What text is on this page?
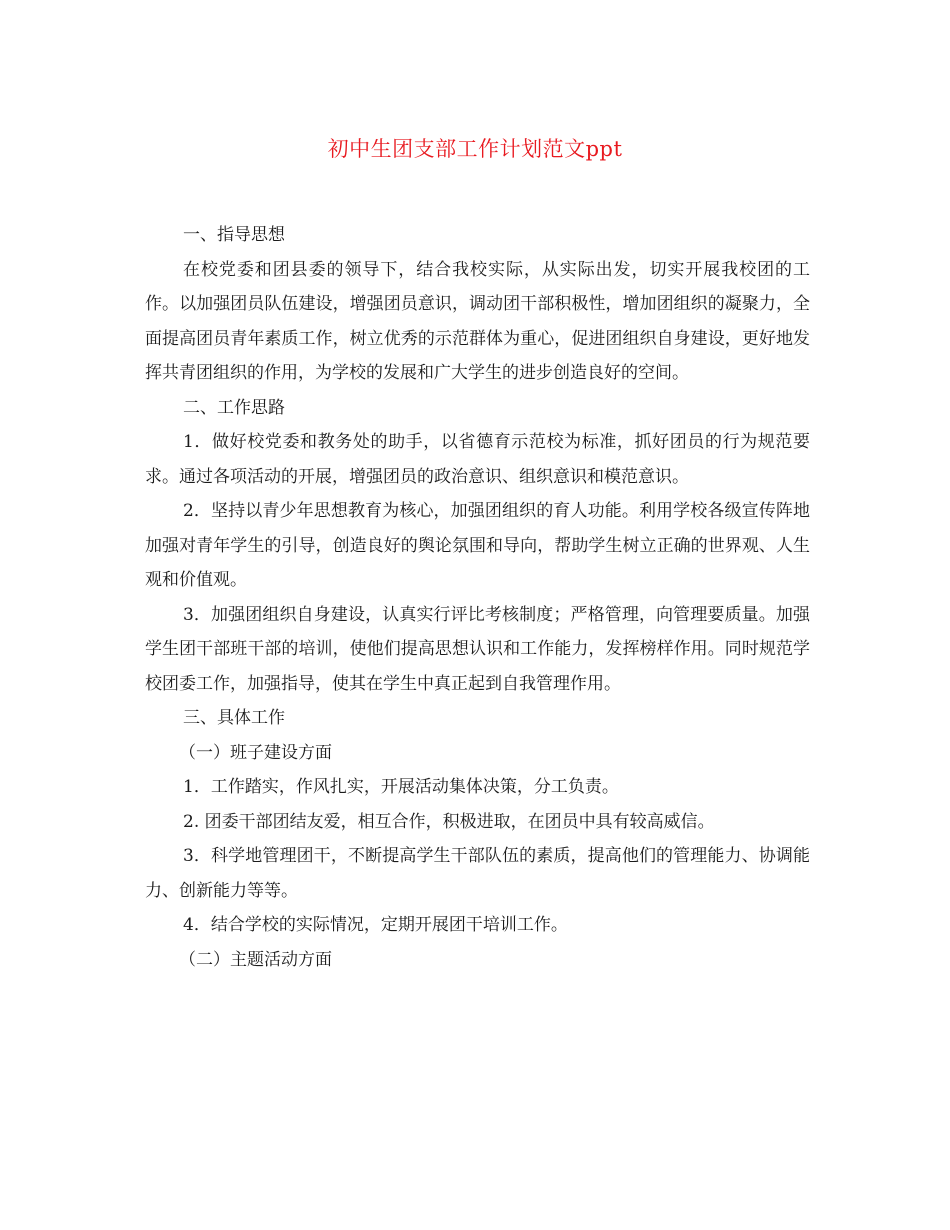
初中生团支部工作计划范文ppt

一、指导思想

在校党委和团县委的领导下，结合我校实际，从实际出发，切实开展我校团的工作。以加强团员队伍建设，增强团员意识，调动团干部积极性，增加团组织的凝聚力，全面提高团员青年素质工作，树立优秀的示范群体为重心，促进团组织自身建设，更好地发挥共青团组织的作用，为学校的发展和广大学生的进步创造良好的空间。

二、工作思路

1．做好校党委和教务处的助手，以省德育示范校为标准，抓好团员的行为规范要求。通过各项活动的开展，增强团员的政治意识、组织意识和模范意识。

2．坚持以青少年思想教育为核心，加强团组织的育人功能。利用学校各级宣传阵地加强对青年学生的引导，创造良好的舆论氛围和导向，帮助学生树立正确的世界观、人生观和价值观。

3．加强团组织自身建设，认真实行评比考核制度；严格管理，向管理要质量。加强学生团干部班干部的培训，使他们提高思想认识和工作能力，发挥榜样作用。同时规范学校团委工作，加强指导，使其在学生中真正起到自我管理作用。

三、具体工作

（一）班子建设方面

1．工作踏实，作风扎实，开展活动集体决策，分工负责。

2. 团委干部团结友爱，相互合作，积极进取，在团员中具有较高威信。

3．科学地管理团干，不断提高学生干部队伍的素质，提高他们的管理能力、协调能力、创新能力等等。

4．结合学校的实际情况，定期开展团干培训工作。

（二）主题活动方面
